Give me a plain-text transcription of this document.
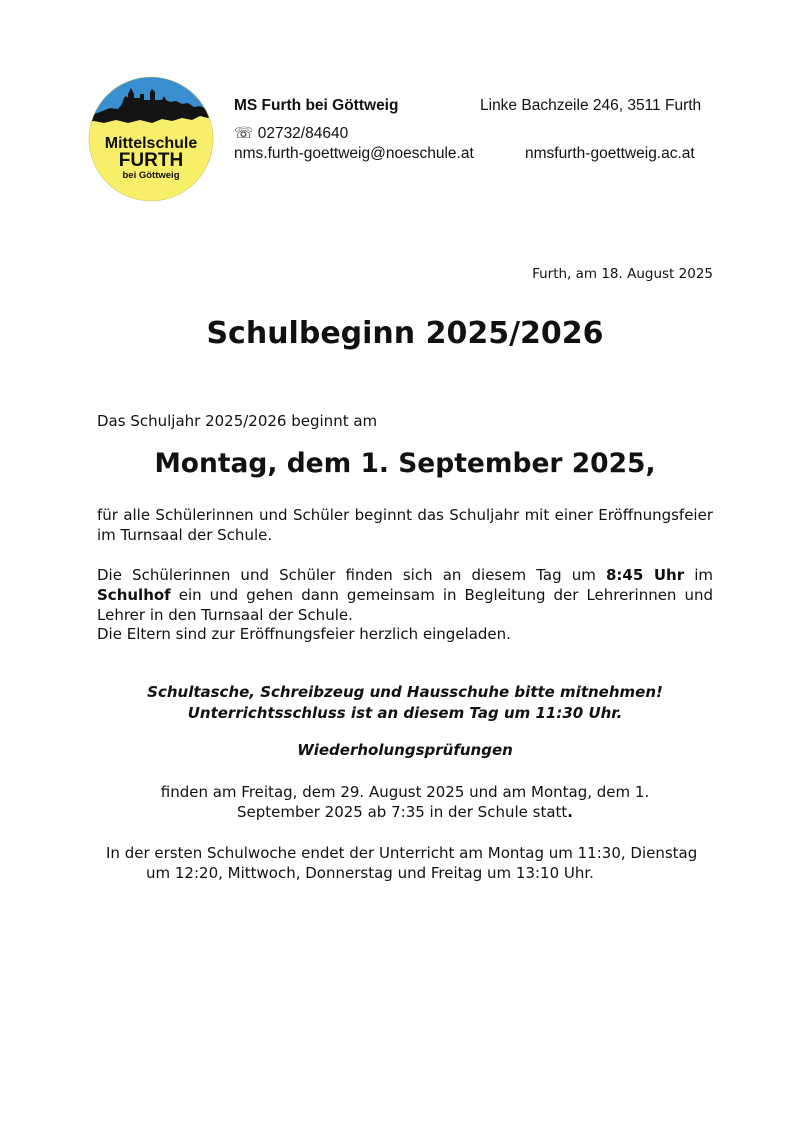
Mittelschule
FURTH
bei Göttweig
MS Furth bei Göttweig	Linke Bachzeile 246, 3511 Furth
☏ 02732/84640
nms.furth-goettweig@noeschule.at	nmsfurth-goettweig.ac.at
Furth, am 18. August 2025
Schulbeginn 2025/2026
Das Schuljahr 2025/2026 beginnt am
Montag, dem 1. September 2025,
für alle Schülerinnen und Schüler beginnt das Schuljahr mit einer Eröffnungsfeier im Turnsaal der Schule.
Die Schülerinnen und Schüler finden sich an diesem Tag um 8:45 Uhr im Schulhof ein und gehen dann gemeinsam in Begleitung der Lehrerinnen und Lehrer in den Turnsaal der Schule.
Die Eltern sind zur Eröffnungsfeier herzlich eingeladen.
Schultasche, Schreibzeug und Hausschuhe bitte mitnehmen!
Unterrichtsschluss ist an diesem Tag um 11:30 Uhr.
Wiederholungsprüfungen
finden am Freitag, dem 29. August 2025 und am Montag, dem 1. September 2025 ab 7:35 in der Schule statt.
In der ersten Schulwoche endet der Unterricht am Montag um 11:30, Dienstag um 12:20, Mittwoch, Donnerstag und Freitag um 13:10 Uhr.
